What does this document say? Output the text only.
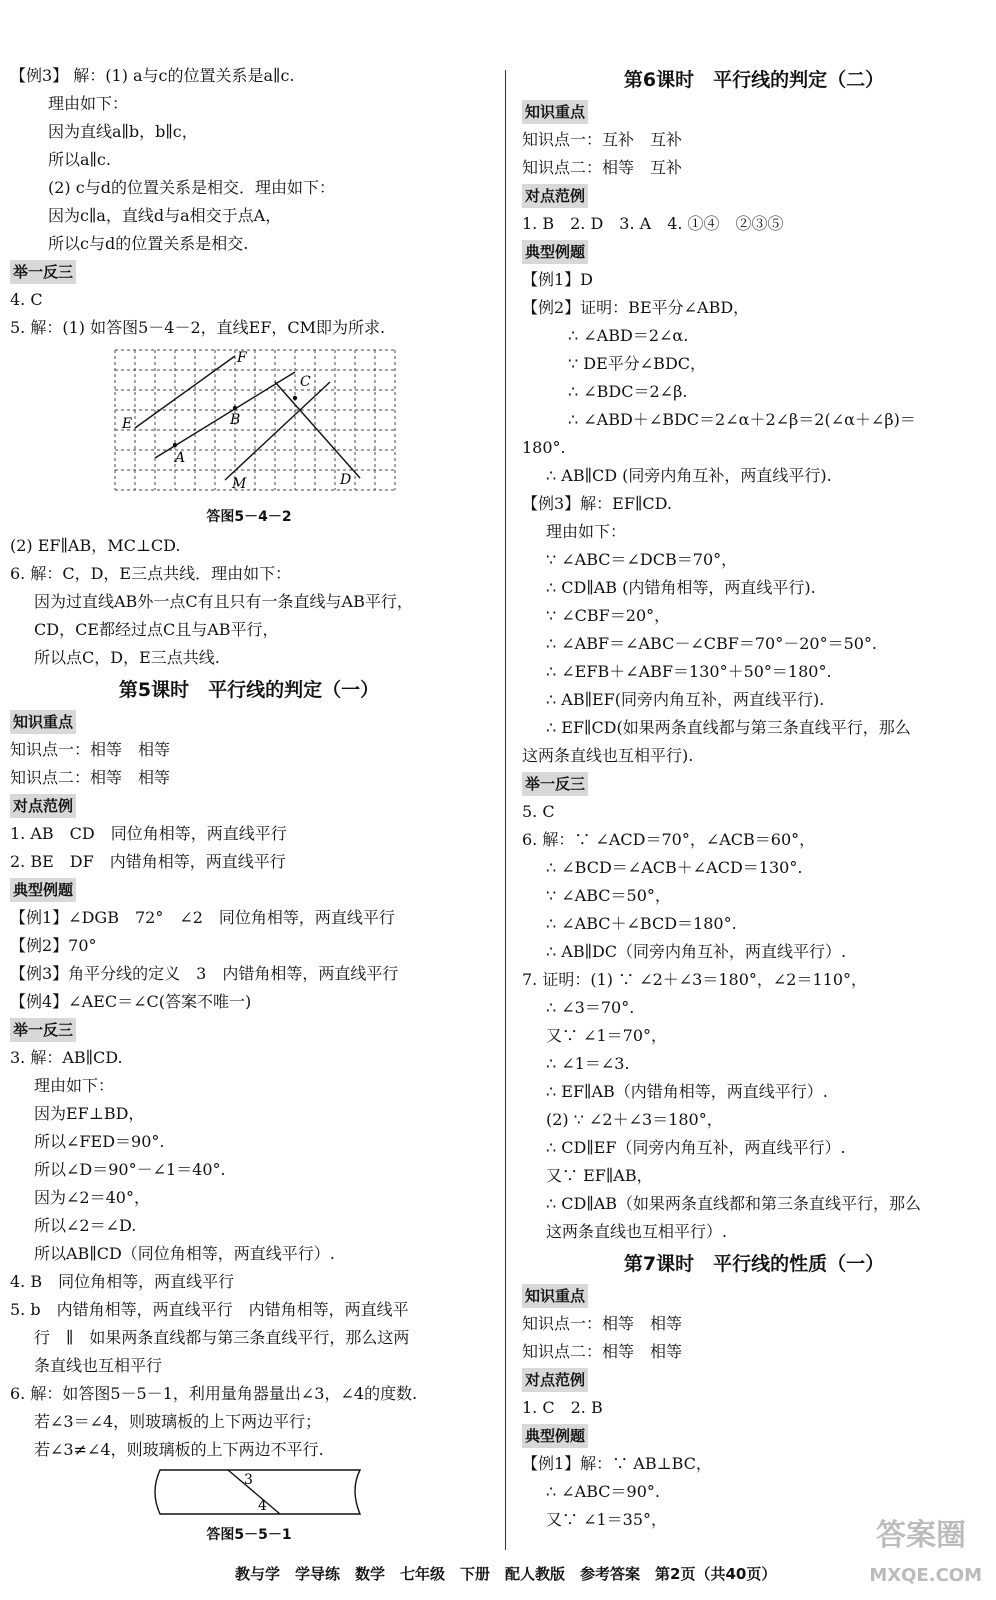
【例3】 解：(1) a与c的位置关系是a∥c.
理由如下：
因为直线a∥b，b∥c，
所以a∥c.
(2) c与d的位置关系是相交．理由如下：
因为c∥a，直线d与a相交于点A，
所以c与d的位置关系是相交.
举一反三
4. C
5. 解：(1) 如答图5－4－2，直线EF，CM即为所求.
F
C
B
E
A
M	D
答图5－4－2
(2) EF∥AB，MC⊥CD.
6. 解：C，D，E三点共线．理由如下：
因为过直线AB外一点C有且只有一条直线与AB平行，
CD，CE都经过点C且与AB平行，
所以点C，D，E三点共线.
第5课时　平行线的判定（一）
知识重点
知识点一：相等　相等
知识点二：相等　相等
对点范例
1. AB　CD　同位角相等，两直线平行
2. BE　DF　内错角相等，两直线平行
典型例题
【例1】∠DGB　72°　∠2　同位角相等，两直线平行
【例2】70°
【例3】角平分线的定义　3　内错角相等，两直线平行
【例4】∠AEC＝∠C(答案不唯一)
举一反三
3. 解：AB∥CD.
理由如下：
因为EF⊥BD，
所以∠FED＝90°.
所以∠D＝90°－∠1＝40°.
因为∠2＝40°，
所以∠2＝∠D.
所以AB∥CD（同位角相等，两直线平行）.
4. B　同位角相等，两直线平行
5. b　内错角相等，两直线平行　内错角相等，两直线平
行　∥　如果两条直线都与第三条直线平行，那么这两
条直线也互相平行
6. 解：如答图5－5－1，利用量角器量出∠3，∠4的度数.
若∠3＝∠4，则玻璃板的上下两边平行；
若∠3≠∠4，则玻璃板的上下两边不平行.
3
4
答图5－5－1
第6课时　平行线的判定（二）
知识重点
知识点一：互补　互补
知识点二：相等　互补
对点范例
1. B　2. D　3. A　4. ①④　②③⑤
典型例题
【例1】D
【例2】证明：BE平分∠ABD，
∴ ∠ABD＝2∠α.
∵ DE平分∠BDC，
∴ ∠BDC＝2∠β.
∴ ∠ABD＋∠BDC＝2∠α＋2∠β＝2(∠α＋∠β)＝
180°.
∴ AB∥CD (同旁内角互补，两直线平行).
【例3】解：EF∥CD.
理由如下：
∵ ∠ABC＝∠DCB＝70°，
∴ CD∥AB (内错角相等，两直线平行).
∵ ∠CBF＝20°，
∴ ∠ABF＝∠ABC－∠CBF＝70°－20°＝50°.
∴ ∠EFB＋∠ABF＝130°＋50°＝180°.
∴ AB∥EF(同旁内角互补，两直线平行).
∴ EF∥CD(如果两条直线都与第三条直线平行，那么
这两条直线也互相平行).
举一反三
5. C
6. 解：∵ ∠ACD＝70°，∠ACB＝60°，
∴ ∠BCD＝∠ACB＋∠ACD＝130°.
∵ ∠ABC＝50°，
∴ ∠ABC＋∠BCD＝180°.
∴ AB∥DC（同旁内角互补，两直线平行）.
7. 证明：(1) ∵ ∠2＋∠3＝180°，∠2＝110°，
∴ ∠3＝70°.
又∵ ∠1＝70°，
∴ ∠1＝∠3.
∴ EF∥AB（内错角相等，两直线平行）.
(2) ∵ ∠2＋∠3＝180°，
∴ CD∥EF（同旁内角互补，两直线平行）.
又∵ EF∥AB，
∴ CD∥AB（如果两条直线都和第三条直线平行，那么
这两条直线也互相平行）.
第7课时　平行线的性质（一）
知识重点
知识点一：相等　相等
知识点二：相等　相等
对点范例
1. C　2. B
典型例题
【例1】解：∵ AB⊥BC，
∴ ∠ABC＝90°.
又∵ ∠1＝35°，	答案圈
MXQE.COM
教与学　学导练　数学　七年级　下册　配人教版　参考答案　第2页（共40页）
